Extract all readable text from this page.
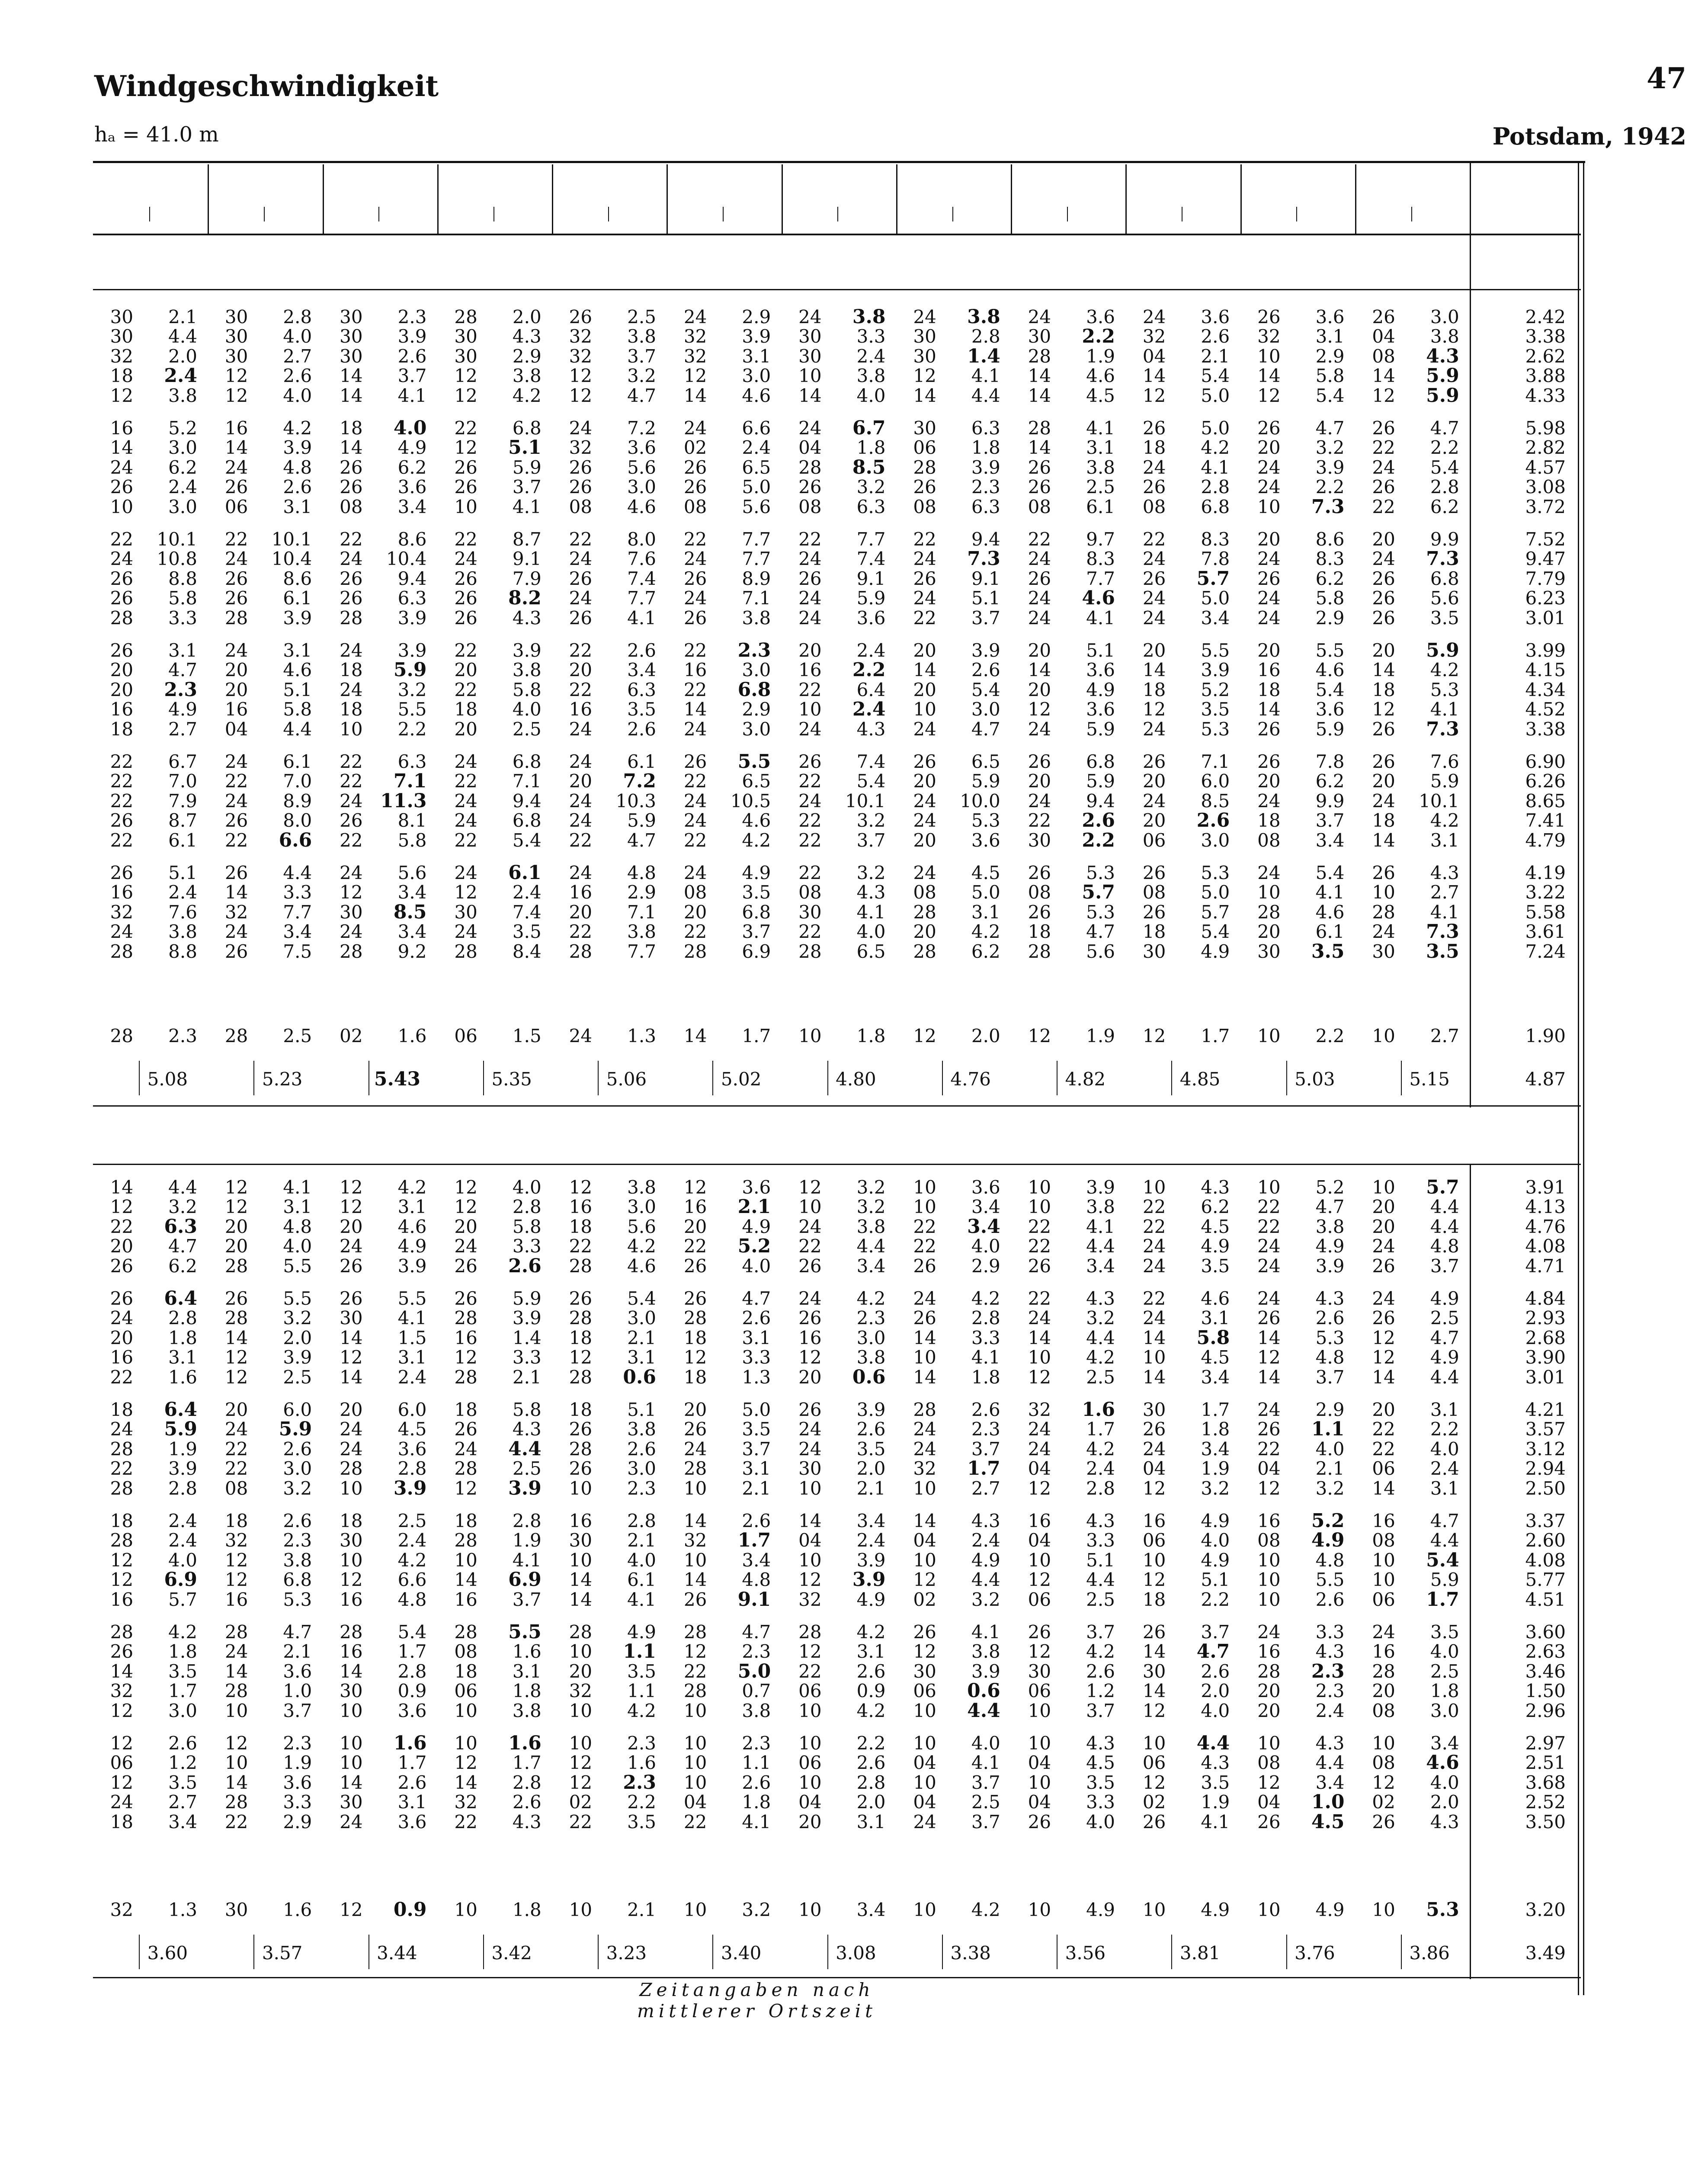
Windgeschwindigkeit	47
hₐ = 41.0 m	Potsdam, 1942
30	2.1 30	2.8 30	2.3 28	2.0 26	2.5 24	2.9 24	3.8 24	3.8 24	3.6 24	3.6 26	3.6 26	3.0	2.42
30	4.4 30	4.0 30	3.9 30	4.3 32	3.8 32	3.9 30	3.3 30	2.8 30	2.2 32	2.6 32	3.1 04	3.8	3.38
32	2.0 30	2.7 30	2.6 30	2.9 32	3.7 32	3.1 30	2.4 30	1.4 28	1.9 04	2.1 10	2.9 08	4.3	2.62
18	2.4 12	2.6 14	3.7 12	3.8 12	3.2 12	3.0 10	3.8 12	4.1 14	4.6 14	5.4 14	5.8 14	5.9	3.88
12	3.8 12	4.0 14	4.1 12	4.2 12	4.7 14	4.6 14	4.0 14	4.4 14	4.5 12	5.0 12	5.4 12	5.9	4.33
16	5.2 16	4.2 18	4.0 22	6.8 24	7.2 24	6.6 24	6.7 30	6.3 28	4.1 26	5.0 26	4.7 26	4.7	5.98
14	3.0 14	3.9 14	4.9 12	5.1 32	3.6 02	2.4 04	1.8 06	1.8 14	3.1 18	4.2 20	3.2 22	2.2	2.82
24	6.2 24	4.8 26	6.2 26	5.9 26	5.6 26	6.5 28	8.5 28	3.9 26	3.8 24	4.1 24	3.9 24	5.4	4.57
26	2.4 26	2.6 26	3.6 26	3.7 26	3.0 26	5.0 26	3.2 26	2.3 26	2.5 26	2.8 24	2.2 26	2.8	3.08
10	3.0 06	3.1 08	3.4 10	4.1 08	4.6 08	5.6 08	6.3 08	6.3 08	6.1 08	6.8 10	7.3 22	6.2	3.72
22	10.1 22	10.1 22	8.6 22	8.7 22	8.0 22	7.7 22	7.7 22	9.4 22	9.7 22	8.3 20	8.6 20	9.9	7.52
24	10.8 24	10.4 24	10.4 24	9.1 24	7.6 24	7.7 24	7.4 24	7.3 24	8.3 24	7.8 24	8.3 24	7.3	9.47
26	8.8 26	8.6 26	9.4 26	7.9 26	7.4 26	8.9 26	9.1 26	9.1 26	7.7 26	5.7 26	6.2 26	6.8	7.79
26	5.8 26	6.1 26	6.3 26	8.2 24	7.7 24	7.1 24	5.9 24	5.1 24	4.6 24	5.0 24	5.8 26	5.6	6.23
28	3.3 28	3.9 28	3.9 26	4.3 26	4.1 26	3.8 24	3.6 22	3.7 24	4.1 24	3.4 24	2.9 26	3.5	3.01
26	3.1 24	3.1 24	3.9 22	3.9 22	2.6 22	2.3 20	2.4 20	3.9 20	5.1 20	5.5 20	5.5 20	5.9	3.99
20	4.7 20	4.6 18	5.9 20	3.8 20	3.4 16	3.0 16	2.2 14	2.6 14	3.6 14	3.9 16	4.6 14	4.2	4.15
20	2.3 20	5.1 24	3.2 22	5.8 22	6.3 22	6.8 22	6.4 20	5.4 20	4.9 18	5.2 18	5.4 18	5.3	4.34
16	4.9 16	5.8 18	5.5 18	4.0 16	3.5 14	2.9 10	2.4 10	3.0 12	3.6 12	3.5 14	3.6 12	4.1	4.52
18	2.7 04	4.4 10	2.2 20	2.5 24	2.6 24	3.0 24	4.3 24	4.7 24	5.9 24	5.3 26	5.9 26	7.3	3.38
22	6.7 24	6.1 22	6.3 24	6.8 24	6.1 26	5.5 26	7.4 26	6.5 26	6.8 26	7.1 26	7.8 26	7.6	6.90
22	7.0 22	7.0 22	7.1 22	7.1 20	7.2 22	6.5 22	5.4 20	5.9 20	5.9 20	6.0 20	6.2 20	5.9	6.26
22	7.9 24	8.9 24 11.3 24	9.4 24	10.3 24	10.5 24	10.1 24	10.0 24	9.4 24	8.5 24	9.9 24	10.1	8.65
26	8.7 26	8.0 26	8.1 24	6.8 24	5.9 24	4.6 22	3.2 24	5.3 22	2.6 20	2.6 18	3.7 18	4.2	7.41
22	6.1 22	6.6 22	5.8 22	5.4 22	4.7 22	4.2 22	3.7 20	3.6 30	2.2 06	3.0 08	3.4 14	3.1	4.79
26	5.1 26	4.4 24	5.6 24	6.1 24	4.8 24	4.9 22	3.2 24	4.5 26	5.3 26	5.3 24	5.4 26	4.3	4.19
16	2.4 14	3.3 12	3.4 12	2.4 16	2.9 08	3.5 08	4.3 08	5.0 08	5.7 08	5.0 10	4.1 10	2.7	3.22
32	7.6 32	7.7 30	8.5 30	7.4 20	7.1 20	6.8 30	4.1 28	3.1 26	5.3 26	5.7 28	4.6 28	4.1	5.58
24	3.8 24	3.4 24	3.4 24	3.5 22	3.8 22	3.7 22	4.0 20	4.2 18	4.7 18	5.4 20	6.1 24	7.3	3.61
28	8.8 26	7.5 28	9.2 28	8.4 28	7.7 28	6.9 28	6.5 28	6.2 28	5.6 30	4.9 30	3.5 30	3.5	7.24
28	2.3 28	2.5 02	1.6 06	1.5 24	1.3 14	1.7 10	1.8 12	2.0 12	1.9 12	1.7 10	2.2 10	2.7	1.90
5.08	5.23	5.43	5.35	5.06	5.02	4.80	4.76	4.82	4.85	5.03	5.15	4.87
14	4.4 12	4.1 12	4.2 12	4.0 12	3.8 12	3.6 12	3.2 10	3.6 10	3.9 10	4.3 10	5.2 10	5.7	3.91
12	3.2 12	3.1 12	3.1 12	2.8 16	3.0 16	2.1 10	3.2 10	3.4 10	3.8 22	6.2 22	4.7 20	4.4	4.13
22	6.3 20	4.8 20	4.6 20	5.8 18	5.6 20	4.9 24	3.8 22	3.4 22	4.1 22	4.5 22	3.8 20	4.4	4.76
20	4.7 20	4.0 24	4.9 24	3.3 22	4.2 22	5.2 22	4.4 22	4.0 22	4.4 24	4.9 24	4.9 24	4.8	4.08
26	6.2 28	5.5 26	3.9 26	2.6 28	4.6 26	4.0 26	3.4 26	2.9 26	3.4 24	3.5 24	3.9 26	3.7	4.71
26	6.4 26	5.5 26	5.5 26	5.9 26	5.4 26	4.7 24	4.2 24	4.2 22	4.3 22	4.6 24	4.3 24	4.9	4.84
24	2.8 28	3.2 30	4.1 28	3.9 28	3.0 28	2.6 26	2.3 26	2.8 24	3.2 24	3.1 26	2.6 26	2.5	2.93
20	1.8 14	2.0 14	1.5 16	1.4 18	2.1 18	3.1 16	3.0 14	3.3 14	4.4 14	5.8 14	5.3 12	4.7	2.68
16	3.1 12	3.9 12	3.1 12	3.3 12	3.1 12	3.3 12	3.8 10	4.1 10	4.2 10	4.5 12	4.8 12	4.9	3.90
22	1.6 12	2.5 14	2.4 28	2.1 28	0.6 18	1.3 20	0.6 14	1.8 12	2.5 14	3.4 14	3.7 14	4.4	3.01
18	6.4 20	6.0 20	6.0 18	5.8 18	5.1 20	5.0 26	3.9 28	2.6 32	1.6 30	1.7 24	2.9 20	3.1	4.21
24	5.9 24	5.9 24	4.5 26	4.3 26	3.8 26	3.5 24	2.6 24	2.3 24	1.7 26	1.8 26	1.1 22	2.2	3.57
28	1.9 22	2.6 24	3.6 24	4.4 28	2.6 24	3.7 24	3.5 24	3.7 24	4.2 24	3.4 22	4.0 22	4.0	3.12
22	3.9 22	3.0 28	2.8 28	2.5 26	3.0 28	3.1 30	2.0 32	1.7 04	2.4 04	1.9 04	2.1 06	2.4	2.94
28	2.8 08	3.2 10	3.9 12	3.9 10	2.3 10	2.1 10	2.1 10	2.7 12	2.8 12	3.2 12	3.2 14	3.1	2.50
18	2.4 18	2.6 18	2.5 18	2.8 16	2.8 14	2.6 14	3.4 14	4.3 16	4.3 16	4.9 16	5.2 16	4.7	3.37
28	2.4 32	2.3 30	2.4 28	1.9 30	2.1 32	1.7 04	2.4 04	2.4 04	3.3 06	4.0 08	4.9 08	4.4	2.60
12	4.0 12	3.8 10	4.2 10	4.1 10	4.0 10	3.4 10	3.9 10	4.9 10	5.1 10	4.9 10	4.8 10	5.4	4.08
12	6.9 12	6.8 12	6.6 14	6.9 14	6.1 14	4.8 12	3.9 12	4.4 12	4.4 12	5.1 10	5.5 10	5.9	5.77
16	5.7 16	5.3 16	4.8 16	3.7 14	4.1 26	9.1 32	4.9 02	3.2 06	2.5 18	2.2 10	2.6 06	1.7	4.51
28	4.2 28	4.7 28	5.4 28	5.5 28	4.9 28	4.7 28	4.2 26	4.1 26	3.7 26	3.7 24	3.3 24	3.5	3.60
26	1.8 24	2.1 16	1.7 08	1.6 10	1.1 12	2.3 12	3.1 12	3.8 12	4.2 14	4.7 16	4.3 16	4.0	2.63
14	3.5 14	3.6 14	2.8 18	3.1 20	3.5 22	5.0 22	2.6 30	3.9 30	2.6 30	2.6 28	2.3 28	2.5	3.46
32	1.7 28	1.0 30	0.9 06	1.8 32	1.1 28	0.7 06	0.9 06	0.6 06	1.2 14	2.0 20	2.3 20	1.8	1.50
12	3.0 10	3.7 10	3.6 10	3.8 10	4.2 10	3.8 10	4.2 10	4.4 10	3.7 12	4.0 20	2.4 08	3.0	2.96
12	2.6 12	2.3 10	1.6 10	1.6 10	2.3 10	2.3 10	2.2 10	4.0 10	4.3 10	4.4 10	4.3 10	3.4	2.97
06	1.2 10	1.9 10	1.7 12	1.7 12	1.6 10	1.1 06	2.6 04	4.1 04	4.5 06	4.3 08	4.4 08	4.6	2.51
12	3.5 14	3.6 14	2.6 14	2.8 12	2.3 10	2.6 10	2.8 10	3.7 10	3.5 12	3.5 12	3.4 12	4.0	3.68
24	2.7 28	3.3 30	3.1 32	2.6 02	2.2 04	1.8 04	2.0 04	2.5 04	3.3 02	1.9 04	1.0 02	2.0	2.52
18	3.4 22	2.9 24	3.6 22	4.3 22	3.5 22	4.1 20	3.1 24	3.7 26	4.0 26	4.1 26	4.5 26	4.3	3.50
32	1.3 30	1.6 12	0.9 10	1.8 10	2.1 10	3.2 10	3.4 10	4.2 10	4.9 10	4.9 10	4.9 10	5.3	3.20
3.60	3.57	3.44	3.42	3.23	3.40	3.08	3.38	3.56	3.81	3.76	3.86	3.49
Zeitangaben nach mittlerer Ortszeit
